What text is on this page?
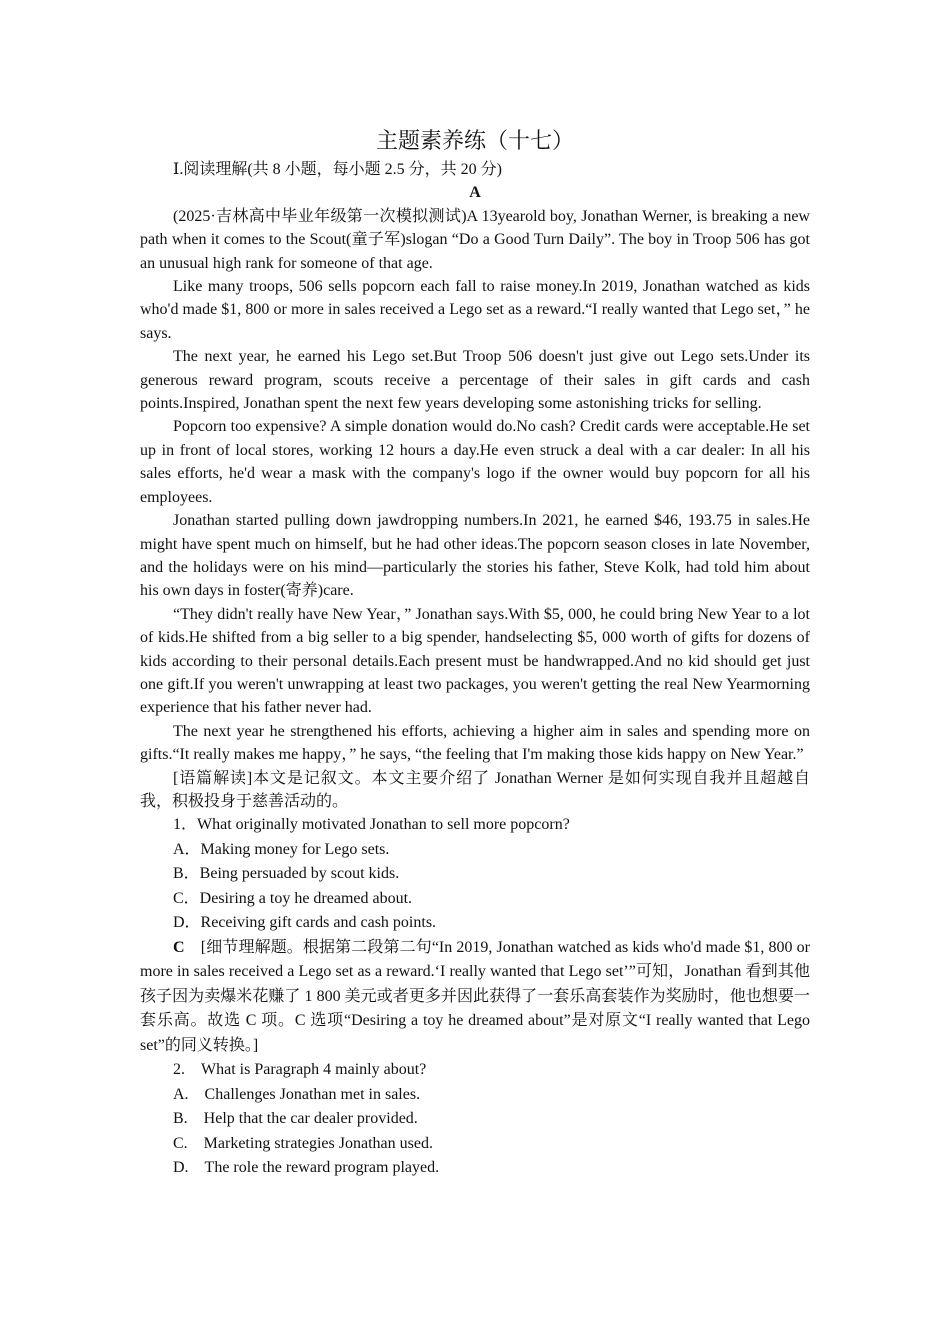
主题素养练（十七）
Ⅰ.阅读理解(共 8 小题，每小题 2.5 分，共 20 分)
A

(2025·吉林高中毕业年级第一次模拟测试)A 13yearold boy, Jonathan Werner, is breaking a new path when it comes to the Scout(童子军)slogan “Do a Good Turn Daily”. The boy in Troop 506 has got an unusual high rank for someone of that age.

Like many troops, 506 sells popcorn each fall to raise money.In 2019, Jonathan watched as kids who'd made $1, 800 or more in sales received a Lego set as a reward.“I really wanted that Lego set，” he says.

The next year, he earned his Lego set.But Troop 506 doesn't just give out Lego sets.Under its generous reward program, scouts receive a percentage of their sales in gift cards and cash points.Inspired, Jonathan spent the next few years developing some astonishing tricks for selling.

Popcorn too expensive? A simple donation would do.No cash? Credit cards were acceptable.He set up in front of local stores, working 12 hours a day.He even struck a deal with a car dealer: In all his sales efforts, he'd wear a mask with the company's logo if the owner would buy popcorn for all his employees.

Jonathan started pulling down jawdropping numbers.In 2021, he earned $46, 193.75 in sales.He might have spent much on himself, but he had other ideas.The popcorn season closes in late November, and the holidays were on his mind—particularly the stories his father, Steve Kolk, had told him about his own days in foster(寄养)care.

“They didn't really have New Year，” Jonathan says.With $5, 000, he could bring New Year to a lot of kids.He shifted from a big seller to a big spender, handselecting $5, 000 worth of gifts for dozens of kids according to their personal details.Each present must be handwrapped.And no kid should get just one gift.If you weren't unwrapping at least two packages, you weren't getting the real New Yearmorning experience that his father never had.

The next year he strengthened his efforts, achieving a higher aim in sales and spending more on gifts.“It really makes me happy，” he says, “the feeling that I'm making those kids happy on New Year.”

[语篇解读]本文是记叙文。本文主要介绍了 Jonathan Werner 是如何实现自我并且超越自我，积极投身于慈善活动的。

1．What originally motivated Jonathan to sell more popcorn?
A．Making money for Lego sets.
B．Being persuaded by scout kids.
C．Desiring a toy he dreamed about.
D．Receiving gift cards and cash points.

C　 [细节理解题。根据第二段第二句“In 2019, Jonathan watched as kids who'd made $1, 800 or more in sales received a Lego set as a reward.‘I really wanted that Lego set’”可知，Jonathan 看到其他孩子因为卖爆米花赚了 1 800 美元或者更多并因此获得了一套乐高套装作为奖励时，他也想要一套乐高。故选 C 项。C 选项“Desiring a toy he dreamed about”是对原文“I really wanted that Lego set”的同义转换。]

2.　What is Paragraph 4 mainly about?
A.　Challenges Jonathan met in sales.
B.　Help that the car dealer provided.
C.　Marketing strategies Jonathan used.
D.　The role the reward program played.
